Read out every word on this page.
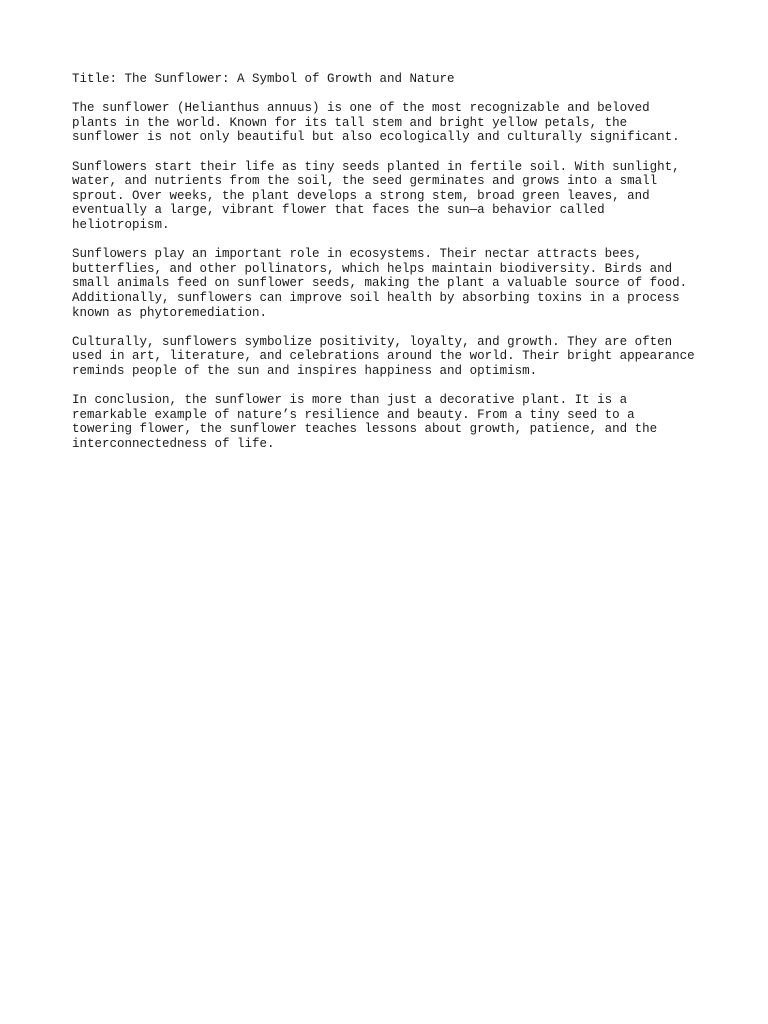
Title: The Sunflower: A Symbol of Growth and Nature
The sunflower (Helianthus annuus) is one of the most recognizable and beloved
plants in the world. Known for its tall stem and bright yellow petals, the
sunflower is not only beautiful but also ecologically and culturally significant.
Sunflowers start their life as tiny seeds planted in fertile soil. With sunlight,
water, and nutrients from the soil, the seed germinates and grows into a small
sprout. Over weeks, the plant develops a strong stem, broad green leaves, and
eventually a large, vibrant flower that faces the sun—a behavior called
heliotropism.
Sunflowers play an important role in ecosystems. Their nectar attracts bees,
butterflies, and other pollinators, which helps maintain biodiversity. Birds and
small animals feed on sunflower seeds, making the plant a valuable source of food.
Additionally, sunflowers can improve soil health by absorbing toxins in a process
known as phytoremediation.
Culturally, sunflowers symbolize positivity, loyalty, and growth. They are often
used in art, literature, and celebrations around the world. Their bright appearance
reminds people of the sun and inspires happiness and optimism.
In conclusion, the sunflower is more than just a decorative plant. It is a
remarkable example of nature’s resilience and beauty. From a tiny seed to a
towering flower, the sunflower teaches lessons about growth, patience, and the
interconnectedness of life.
